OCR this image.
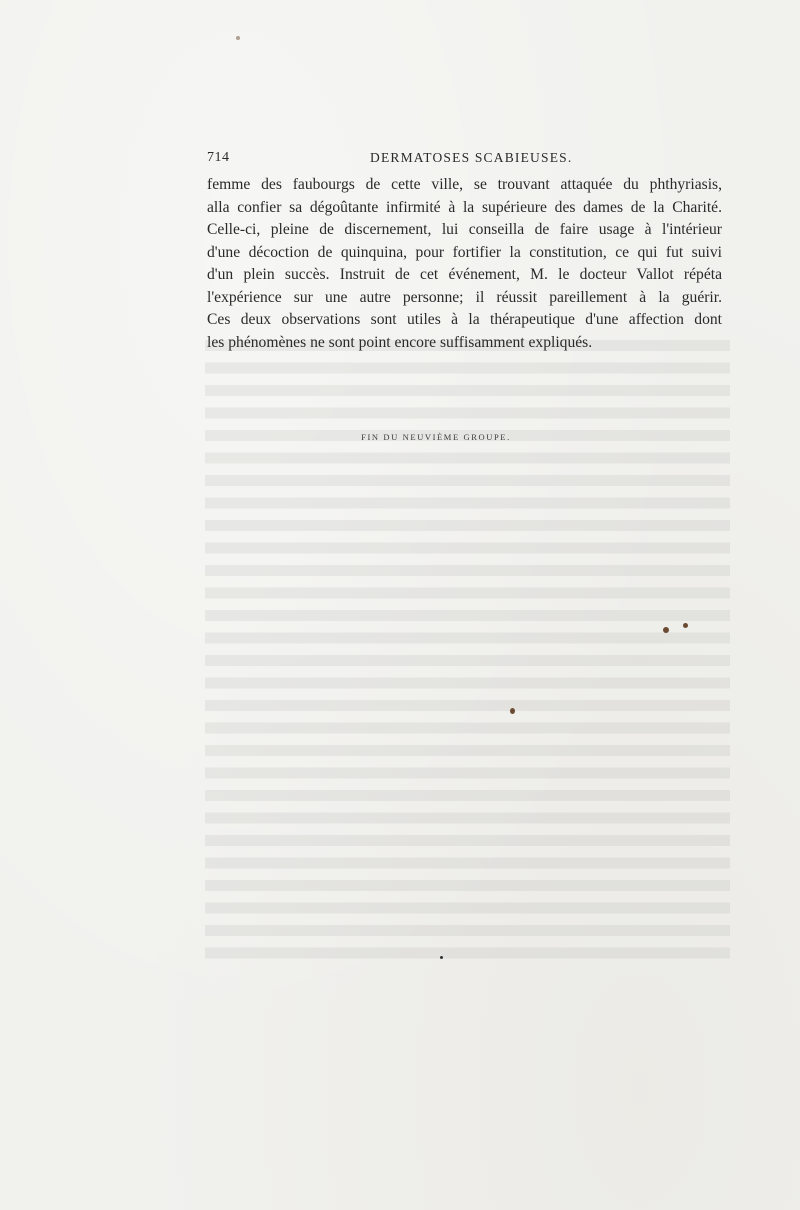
714	DERMATOSES SCABIEUSES.
femme des faubourgs de cette ville, se trouvant attaquée du phthyriasis,
alla confier sa dégoûtante infirmité à la supérieure des dames de la Charité.
Celle-ci, pleine de discernement, lui conseilla de faire usage à l'intérieur
d'une décoction de quinquina, pour fortifier la constitution, ce qui fut suivi
d'un plein succès. Instruit de cet événement, M. le docteur Vallot répéta
l'expérience sur une autre personne; il réussit pareillement à la guérir.
Ces deux observations sont utiles à la thérapeutique d'une affection dont
les phénomènes ne sont point encore suffisamment expliqués.
FIN DU NEUVIÈME GROUPE.
